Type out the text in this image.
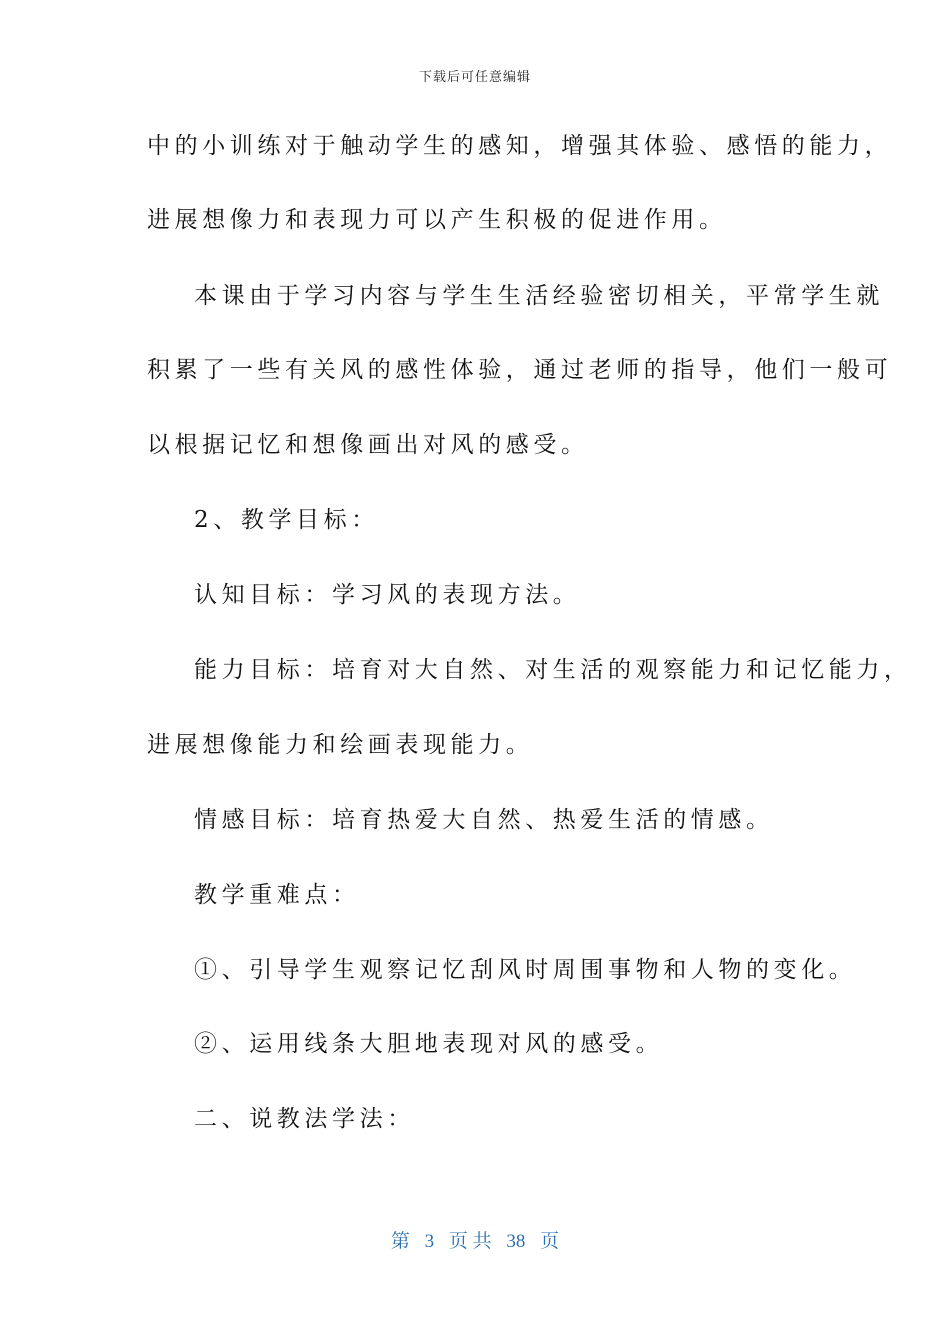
下载后可任意编辑
中的小训练对于触动学生的感知，增强其体验、感悟的能力，
进展想像力和表现力可以产生积极的促进作用。
本课由于学习内容与学生生活经验密切相关，平常学生就
积累了一些有关风的感性体验，通过老师的指导，他们一般可
以根据记忆和想像画出对风的感受。
2、教学目标：
认知目标：学习风的表现方法。
能力目标：培育对大自然、对生活的观察能力和记忆能力，
进展想像能力和绘画表现能力。
情感目标：培育热爱大自然、热爱生活的情感。
教学重难点：
①、引导学生观察记忆刮风时周围事物和人物的变化。
②、运用线条大胆地表现对风的感受。
二、说教法学法：
第 3 页 共 38 页
